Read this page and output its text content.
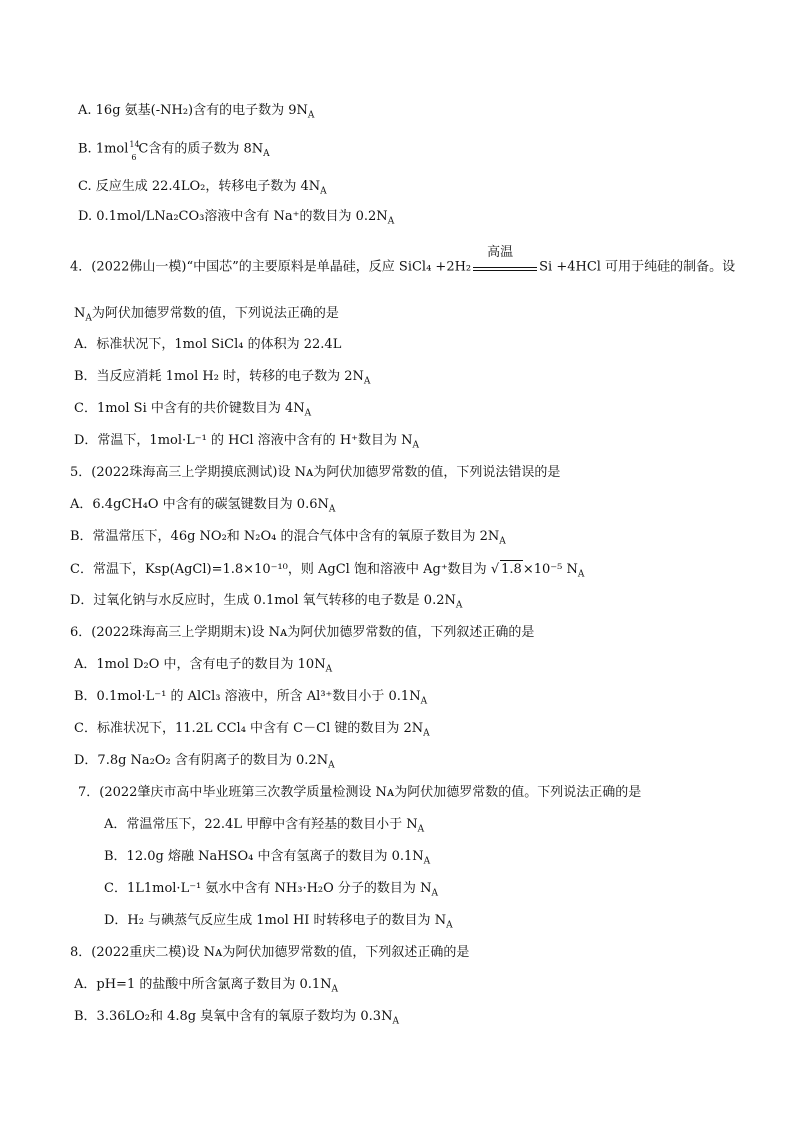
A. 16g 氨基(-NH₂)含有的电子数为 $9N_A$
B. 1mol 14
6
C含有的质子数为 $8N_A$
C. 反应生成 22.4LO₂，转移电子数为 $4N_A$
D. 0.1mol/LNa₂CO₃溶液中含有 Na⁺的数目为 $0.2N_A$
4．(2022佛山一模)“中国芯”的主要原料是单晶硅，反应 SiCl₄ +2H₂
高温
Si +4HCl 可用于纯硅的制备。设
$N_A$为阿伏加德罗常数的值，下列说法正确的是
A．标准状况下，1mol SiCl₄ 的体积为 22.4L
B．当反应消耗 1mol H₂ 时，转移的电子数为 $2N_A$
C．1mol Si 中含有的共价键数目为 $4N_A$
D．常温下，1mol·L⁻¹ 的 HCl 溶液中含有的 H⁺数目为 $N_A$
5．(2022珠海高三上学期摸底测试)设 Nᴀ为阿伏加德罗常数的值，下列说法错误的是
A．6.4gCH₄O 中含有的碳氢键数目为 $0.6N_A$
B．常温常压下，46g NO₂和 N₂O₄ 的混合气体中含有的氧原子数目为 $2N_A$
C．常温下，Ksp(AgCl)=1.8×10⁻¹⁰，则 AgCl 饱和溶液中 Ag⁺数目为 √ 1.8×10⁻⁵ $N_A$
D．过氧化钠与水反应时，生成 0.1mol 氧气转移的电子数是 $0.2N_A$
6．(2022珠海高三上学期期末)设 Nᴀ为阿伏加德罗常数的值，下列叙述正确的是
A．1mol D₂O 中，含有电子的数目为 $10N_A$
B．0.1mol·L⁻¹ 的 AlCl₃ 溶液中，所含 Al³⁺数目小于 $0.1N_A$
C．标准状况下，11.2L CCl₄ 中含有 C－Cl 键的数目为 $2N_A$
D．7.8g Na₂O₂ 含有阴离子的数目为 $0.2N_A$
7．(2022肇庆市高中毕业班第三次教学质量检测设 Nᴀ为阿伏加德罗常数的值。下列说法正确的是
A．常温常压下，22.4L 甲醇中含有羟基的数目小于 $N_A$
B．12.0g 熔融 NaHSO₄ 中含有氢离子的数目为 $0.1N_A$
C．1L1mol·L⁻¹ 氨水中含有 NH₃·H₂O 分子的数目为 $N_A$
D．H₂ 与碘蒸气反应生成 1mol HI 时转移电子的数目为 $N_A$
8．(2022重庆二模)设 Nᴀ为阿伏加德罗常数的值，下列叙述正确的是
A．pH=1 的盐酸中所含氯离子数目为 $0.1N_A$
B．3.36LO₂和 4.8g 臭氧中含有的氧原子数均为 $0.3N_A$
